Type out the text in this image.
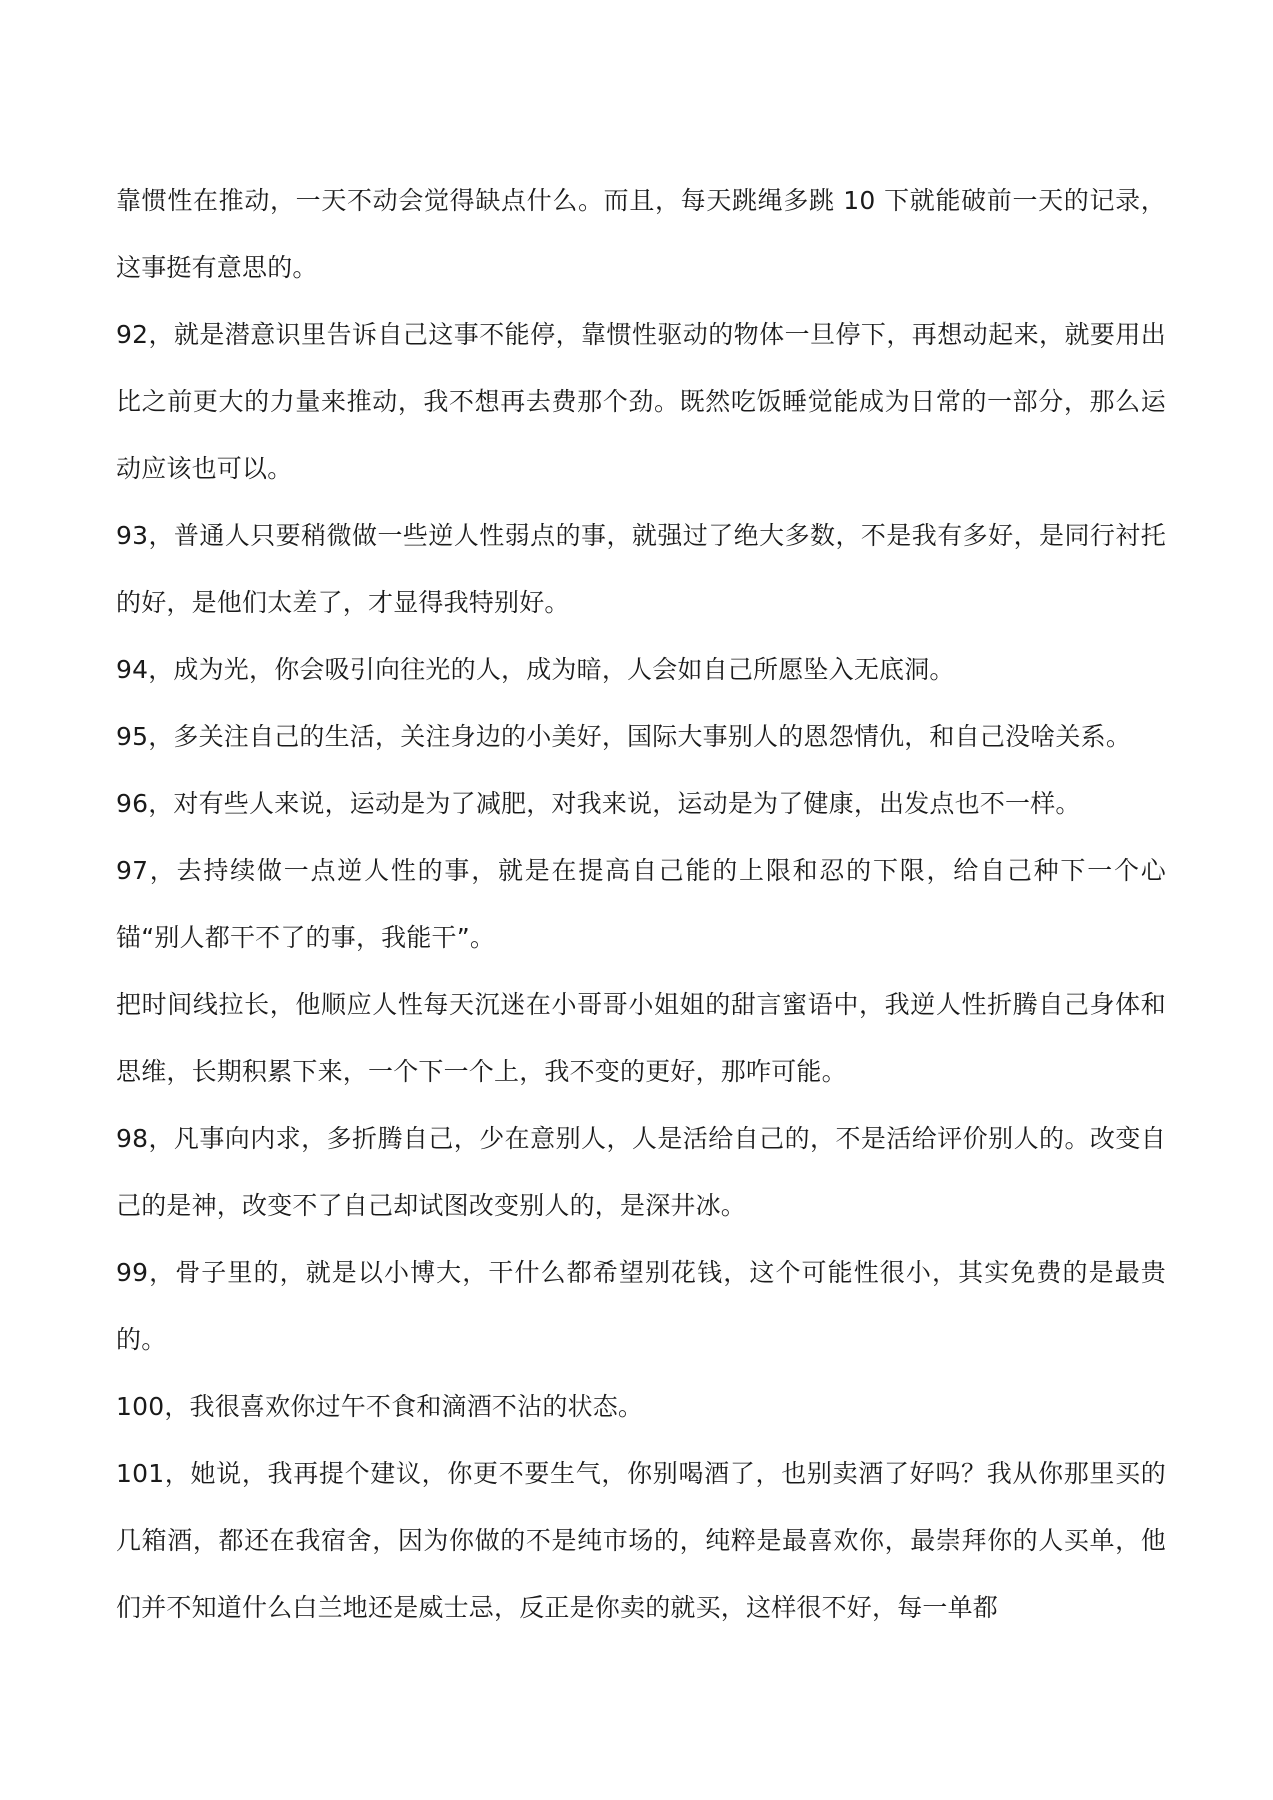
靠惯性在推动，一天不动会觉得缺点什么。而且，每天跳绳多跳 10 下就能破前一天的记录，这事挺有意思的。

92，就是潜意识里告诉自己这事不能停，靠惯性驱动的物体一旦停下，再想动起来，就要用出比之前更大的力量来推动，我不想再去费那个劲。既然吃饭睡觉能成为日常的一部分，那么运动应该也可以。

93，普通人只要稍微做一些逆人性弱点的事，就强过了绝大多数，不是我有多好，是同行衬托的好，是他们太差了，才显得我特别好。

94，成为光，你会吸引向往光的人，成为暗，人会如自己所愿坠入无底洞。

95，多关注自己的生活，关注身边的小美好，国际大事别人的恩怨情仇，和自己没啥关系。

96，对有些人来说，运动是为了减肥，对我来说，运动是为了健康，出发点也不一样。

97，去持续做一点逆人性的事，就是在提高自己能的上限和忍的下限，给自己种下一个心锚“别人都干不了的事，我能干”。

把时间线拉长，他顺应人性每天沉迷在小哥哥小姐姐的甜言蜜语中，我逆人性折腾自己身体和思维，长期积累下来，一个下一个上，我不变的更好，那咋可能。

98，凡事向内求，多折腾自己，少在意别人，人是活给自己的，不是活给评价别人的。改变自己的是神，改变不了自己却试图改变别人的，是深井冰。

99，骨子里的，就是以小博大，干什么都希望别花钱，这个可能性很小，其实免费的是最贵的。

100，我很喜欢你过午不食和滴酒不沾的状态。

101，她说，我再提个建议，你更不要生气，你别喝酒了，也别卖酒了好吗？我从你那里买的几箱酒，都还在我宿舍，因为你做的不是纯市场的，纯粹是最喜欢你，最崇拜你的人买单，他们并不知道什么白兰地还是威士忌，反正是你卖的就买，这样很不好，每一单都
